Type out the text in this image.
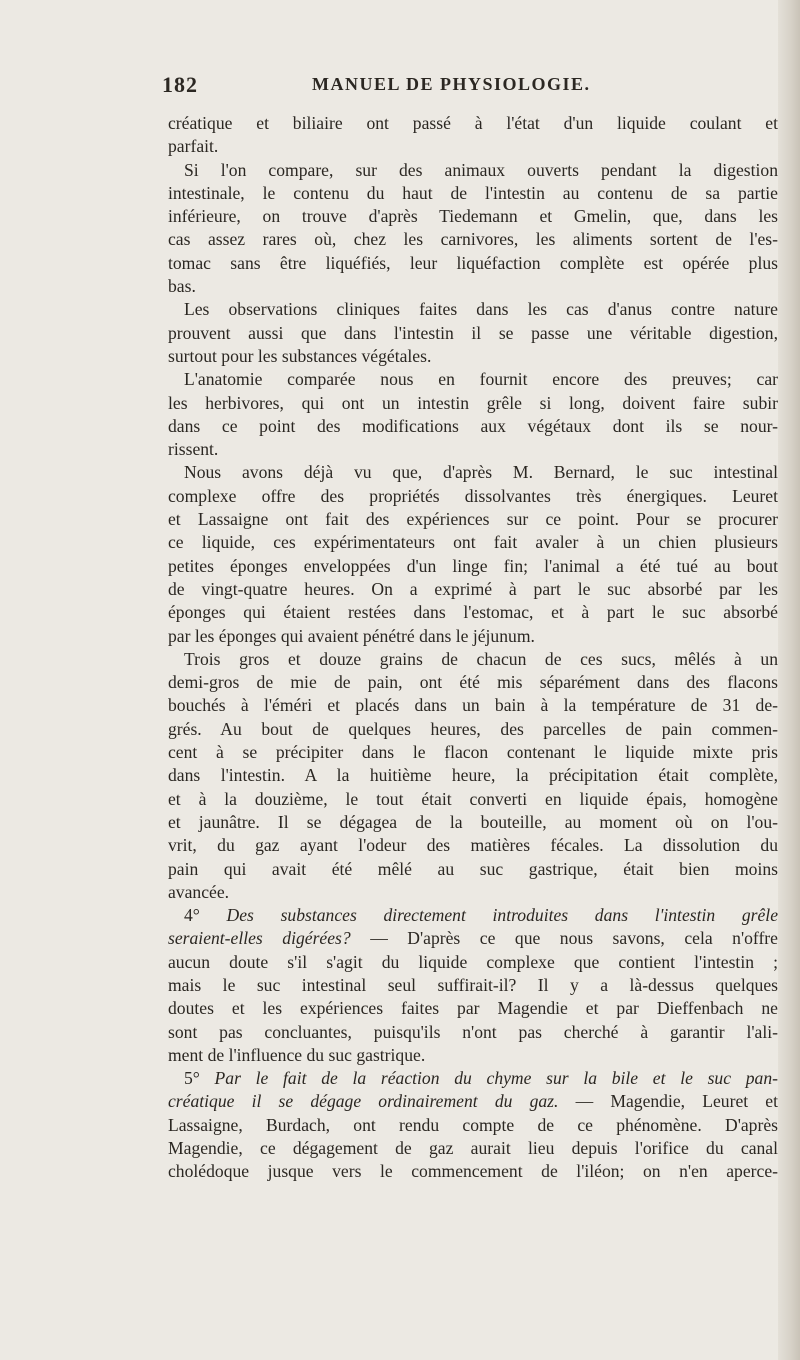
182	MANUEL DE PHYSIOLOGIE.
créatique et biliaire ont passé à l'état d'un liquide coulant et
parfait.
Si l'on compare, sur des animaux ouverts pendant la digestion
intestinale, le contenu du haut de l'intestin au contenu de sa partie
inférieure, on trouve d'après Tiedemann et Gmelin, que, dans les
cas assez rares où, chez les carnivores, les aliments sortent de l'es-
tomac sans être liquéfiés, leur liquéfaction complète est opérée plus
bas.
Les observations cliniques faites dans les cas d'anus contre nature
prouvent aussi que dans l'intestin il se passe une véritable digestion,
surtout pour les substances végétales.
L'anatomie comparée nous en fournit encore des preuves; car
les herbivores, qui ont un intestin grêle si long, doivent faire subir
dans ce point des modifications aux végétaux dont ils se nour-
rissent.
Nous avons déjà vu que, d'après M. Bernard, le suc intestinal
complexe offre des propriétés dissolvantes très énergiques. Leuret
et Lassaigne ont fait des expériences sur ce point. Pour se procurer
ce liquide, ces expérimentateurs ont fait avaler à un chien plusieurs
petites éponges enveloppées d'un linge fin; l'animal a été tué au bout
de vingt-quatre heures. On a exprimé à part le suc absorbé par les
éponges qui étaient restées dans l'estomac, et à part le suc absorbé
par les éponges qui avaient pénétré dans le jéjunum.
Trois gros et douze grains de chacun de ces sucs, mêlés à un
demi-gros de mie de pain, ont été mis séparément dans des flacons
bouchés à l'éméri et placés dans un bain à la température de 31 de-
grés. Au bout de quelques heures, des parcelles de pain commen-
cent à se précipiter dans le flacon contenant le liquide mixte pris
dans l'intestin. A la huitième heure, la précipitation était complète,
et à la douzième, le tout était converti en liquide épais, homogène
et jaunâtre. Il se dégagea de la bouteille, au moment où on l'ou-
vrit, du gaz ayant l'odeur des matières fécales. La dissolution du
pain qui avait été mêlé au suc gastrique, était bien moins
avancée.
4° Des substances directement introduites dans l'intestin grêle
seraient-elles digérées? — D'après ce que nous savons, cela n'offre
aucun doute s'il s'agit du liquide complexe que contient l'intestin ;
mais le suc intestinal seul suffirait-il? Il y a là-dessus quelques
doutes et les expériences faites par Magendie et par Dieffenbach ne
sont pas concluantes, puisqu'ils n'ont pas cherché à garantir l'ali-
ment de l'influence du suc gastrique.
5° Par le fait de la réaction du chyme sur la bile et le suc pan-
créatique il se dégage ordinairement du gaz. — Magendie, Leuret et
Lassaigne, Burdach, ont rendu compte de ce phénomène. D'après
Magendie, ce dégagement de gaz aurait lieu depuis l'orifice du canal
cholédoque jusque vers le commencement de l'iléon; on n'en aperce-
